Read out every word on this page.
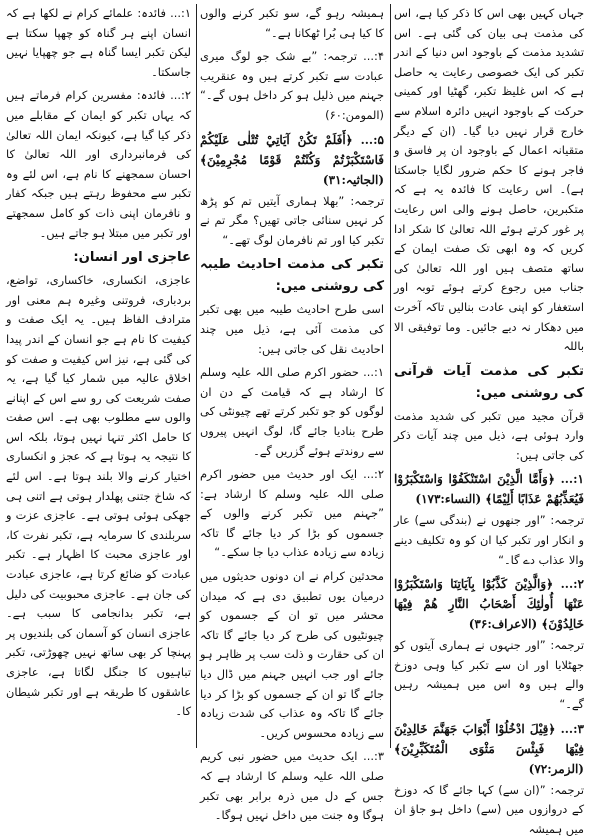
جہاں کہیں بھی اس کا ذکر کیا ہے، اس کی مذمت ہی بیان کی گئی ہے۔ اس تشدید مذمت کے باوجود اس دنیا کے اندر تکبر کی ایک خصوصی رعایت یہ حاصل ہے کہ اس غلیظ تکبر، گھٹیا اور کمینی حرکت کے باوجود انہیں دائرہ اسلام سے خارج قرار نہیں دیا گیا۔ (ان کے دیگر متقیانہ اعمال کے باوجود ان پر فاسق و فاجر ہونے کا حکم ضرور لگایا جاسکتا ہے)۔ اس رعایت کا فائدہ یہ ہے کہ متکبرین، حاصل ہونے والی اس رعایت پر غور کرتے ہوئے اللہ تعالیٰ کا شکر ادا کریں کہ وہ ابھی تک صفت ایمان کے ساتھ متصف ہیں اور اللہ تعالیٰ کی جناب میں رجوع کرتے ہوئے توبہ اور استغفار کو اپنی عادت بنالیں تاکہ آخرت میں دھکار نہ دیے جائیں۔ وما توفیقی الا باللہ

تکبر کی مذمت آیات قرآنی کی روشنی میں:

قرآن مجید میں تکبر کی شدید مذمت وارد ہوئی ہے، ذیل میں چند آیات ذکر کی جاتی ہیں:

۱:... ﴿وَأَمَّا الَّذِيْنَ اسْتَنْكَفُوْا وَاسْتَكْبَرُوْا فَيُعَذِّبُهُمْ عَذَابًا أَلِيْمًا﴾ (النساء:۱۷۳)

ترجمہ: ”اور جنھوں نے (بندگی سے) عار و انکار اور تکبر کیا ان کو وہ تکلیف دینے والا عذاب دے گا۔“

۲:... ﴿وَالَّذِيْنَ كَذَّبُوْا بِآيَاتِنَا وَاسْتَكْبَرُوْا عَنْهَا أُولٰئِكَ أَصْحَابُ النَّارِ هُمْ فِيْهَا خَالِدُوْنَ﴾ (الاعراف:۳۶)

ترجمہ: ”اور جنہوں نے ہماری آیتوں کو جھٹلایا اور ان سے تکبر کیا وہی دوزخ والے ہیں وہ اس میں ہمیشہ رہیں گے۔“

۳:... ﴿قِيْلَ ادْخُلُوْا أَبْوَابَ جَهَنَّمَ خَالِدِيْنَ فِيْهَا فَبِئْسَ مَثْوَى الْمُتَكَبِّرِيْنَ﴾ (الزمر:۷۲)

ترجمہ: ”(ان سے) کہا جائے گا کہ دوزخ کے دروازوں میں (سے) داخل ہو جاؤ ان میں ہمیشہ

ہمیشہ رہو گے، سو تکبر کرنے والوں کا کیا ہی بُرا ٹھکانا ہے۔“

۴:... ترجمہ: ”بے شک جو لوگ میری عبادت سے تکبر کرتے ہیں وہ عنقریب جہنم میں ذلیل ہو کر داخل ہوں گے۔“ (المومن:۶۰)

۵:... ﴿أَفَلَمْ تَكُنْ آيَاتِيْ تُتْلٰى عَلَيْكُمْ فَاسْتَكْبَرْتُمْ وَكُنْتُمْ قَوْمًا مُجْرِمِيْنَ﴾ (الجاثیہ:۳۱)

ترجمہ: ”بھلا ہماری آیتیں تم کو پڑھ کر نہیں سنائی جاتی تھیں؟ مگر تم نے تکبر کیا اور تم نافرمان لوگ تھے۔“

تکبر کی مذمت احادیث طیبہ کی روشنی میں:

اسی طرح احادیث طیبہ میں بھی تکبر کی مذمت آئی ہے، ذیل میں چند احادیث نقل کی جاتی ہیں:

۱:... حضور اکرم صلی اللہ علیہ وسلم کا ارشاد ہے کہ قیامت کے دن ان لوگوں کو جو تکبر کرتے تھے چیونٹی کی طرح بنادیا جائے گا، لوگ انہیں پیروں سے روندتے ہوئے گزریں گے۔

۲:... ایک اور حدیث میں حضور اکرم صلی اللہ علیہ وسلم کا ارشاد ہے: ”جہنم میں تکبر کرنے والوں کے جسموں کو بڑا کر دیا جائے گا تاکہ زیادہ سے زیادہ عذاب دیا جا سکے۔“

محدثین کرام نے ان دونوں حدیثوں میں درمیان یوں تطبیق دی ہے کہ میدان محشر میں تو ان کے جسموں کو چیونٹیوں کی طرح کر دیا جائے گا تاکہ ان کی حقارت و ذلت سب پر ظاہر ہو جائے اور جب انہیں جہنم میں ڈال دیا جائے گا تو ان کے جسموں کو بڑا کر دیا جائے گا تاکہ وہ عذاب کی شدت زیادہ سے زیادہ محسوس کریں۔

۳:... ایک حدیث میں حضور نبی کریم صلی اللہ علیہ وسلم کا ارشاد ہے کہ جس کے دل میں ذرہ برابر بھی تکبر ہوگا وہ جنت میں داخل نہیں ہوگا۔

۱:... فائدہ: علمائے کرام نے لکھا ہے کہ انسان اپنے ہر گناہ کو چھپا سکتا ہے لیکن تکبر ایسا گناہ ہے جو چھپایا نہیں جاسکتا۔

۲:... فائدہ: مفسرین کرام فرماتے ہیں کہ یہاں تکبر کو ایمان کے مقابلے میں ذکر کیا گیا ہے، کیونکہ ایمان اللہ تعالیٰ کی فرمانبرداری اور اللہ تعالیٰ کا احسان سمجھنے کا نام ہے، اس لئے وہ تکبر سے محفوظ رہتے ہیں جبکہ کفار و نافرمان اپنی ذات کو کامل سمجھتے اور تکبر میں مبتلا ہو جاتے ہیں۔

عاجزی اور انسان:

عاجزی، انکساری، خاکساری، تواضع، بردباری، فروتنی وغیرہ ہم معنی اور مترادف الفاظ ہیں۔ یہ ایک صفت و کیفیت کا نام ہے جو انسان کے اندر پیدا کی گئی ہے، نیز اس کیفیت و صفت کو اخلاق عالیہ میں شمار کیا گیا ہے، یہ صفت شریعت کی رو سے اس کے اپنانے والوں سے مطلوب بھی ہے۔ اس صفت کا حامل اکثر تنہا نہیں ہوتا، بلکہ اس کا نتیجہ یہ ہوتا ہے کہ عجز و انکساری اختیار کرنے والا بلند ہوتا ہے۔ اس لئے کہ شاخ جتنی پھلدار ہوتی ہے اتنی ہی جھکی ہوئی ہوتی ہے۔ عاجزی عزت و سربلندی کا سرمایہ ہے، تکبر نفرت کا، اور عاجزی محبت کا اظہار ہے۔ تکبر عبادت کو ضائع کرتا ہے، عاجزی عبادت کی جان ہے۔ عاجزی محبوبیت کی دلیل ہے، تکبر بدانجامی کا سبب ہے۔ عاجزی انسان کو آسمان کی بلندیوں پر پہنچا کر بھی ساتھ نہیں چھوڑتی، تکبر تباہیوں کا جنگل لگاتا ہے، عاجزی عاشقوں کا طریقہ ہے اور تکبر شیطان کا۔
